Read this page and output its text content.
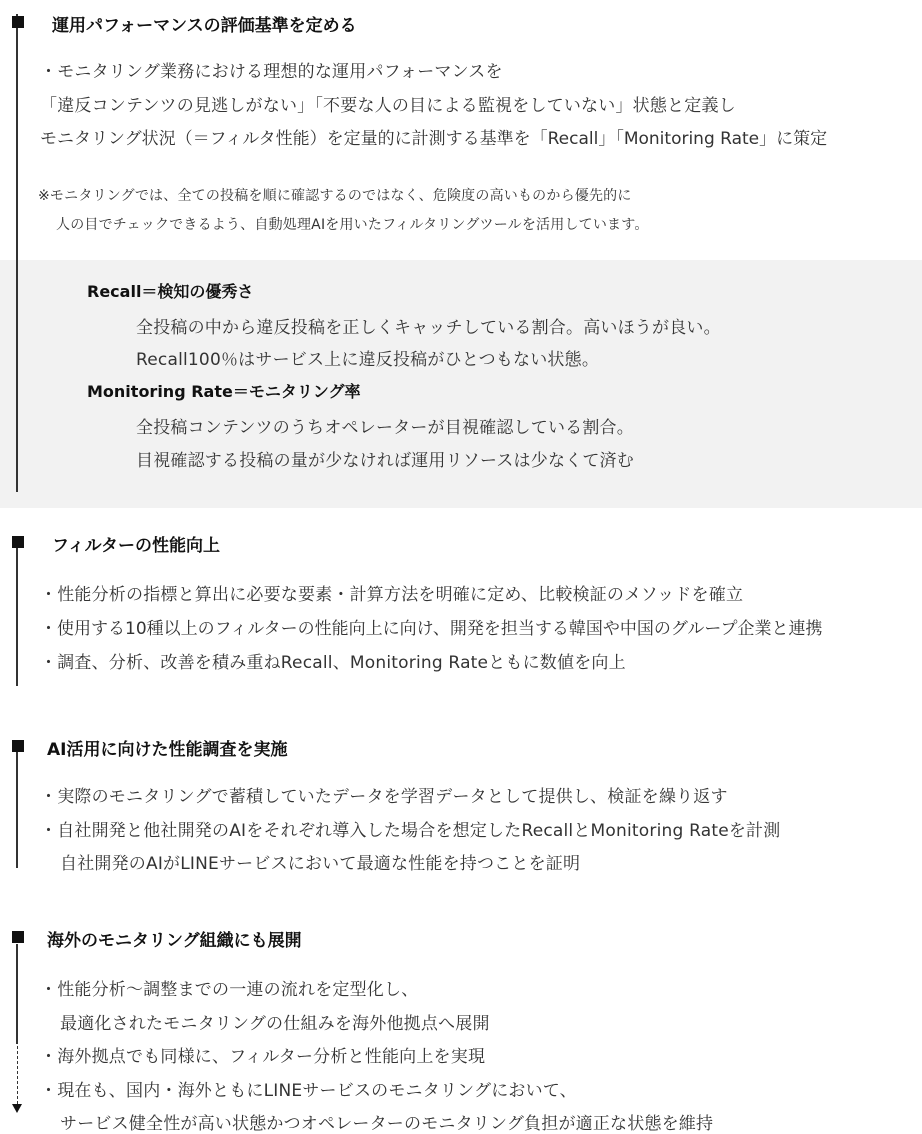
運用パフォーマンスの評価基準を定める
・モニタリング業務における理想的な運用パフォーマンスを
「違反コンテンツの見逃しがない」「不要な人の目による監視をしていない」状態と定義し
モニタリング状況（＝フィルタ性能）を定量的に計測する基準を「Recall」「Monitoring Rate」に策定
※モニタリングでは、全ての投稿を順に確認するのではなく、危険度の高いものから優先的に
人の目でチェックできるよう、自動処理AIを用いたフィルタリングツールを活用しています。
Recall＝検知の優秀さ
全投稿の中から違反投稿を正しくキャッチしている割合。高いほうが良い。
Recall100％はサービス上に違反投稿がひとつもない状態。
Monitoring Rate＝モニタリング率
全投稿コンテンツのうちオペレーターが目視確認している割合。
目視確認する投稿の量が少なければ運用リソースは少なくて済む
フィルターの性能向上
・性能分析の指標と算出に必要な要素・計算方法を明確に定め、比較検証のメソッドを確立
・使用する10種以上のフィルターの性能向上に向け、開発を担当する韓国や中国のグループ企業と連携
・調査、分析、改善を積み重ねRecall、Monitoring Rateともに数値を向上
AI活用に向けた性能調査を実施
・実際のモニタリングで蓄積していたデータを学習データとして提供し、検証を繰り返す
・自社開発と他社開発のAIをそれぞれ導入した場合を想定したRecallとMonitoring Rateを計測
自社開発のAIがLINEサービスにおいて最適な性能を持つことを証明
海外のモニタリング組織にも展開
・性能分析～調整までの一連の流れを定型化し、
最適化されたモニタリングの仕組みを海外他拠点へ展開
・海外拠点でも同様に、フィルター分析と性能向上を実現
・現在も、国内・海外ともにLINEサービスのモニタリングにおいて、
サービス健全性が高い状態かつオペレーターのモニタリング負担が適正な状態を維持
